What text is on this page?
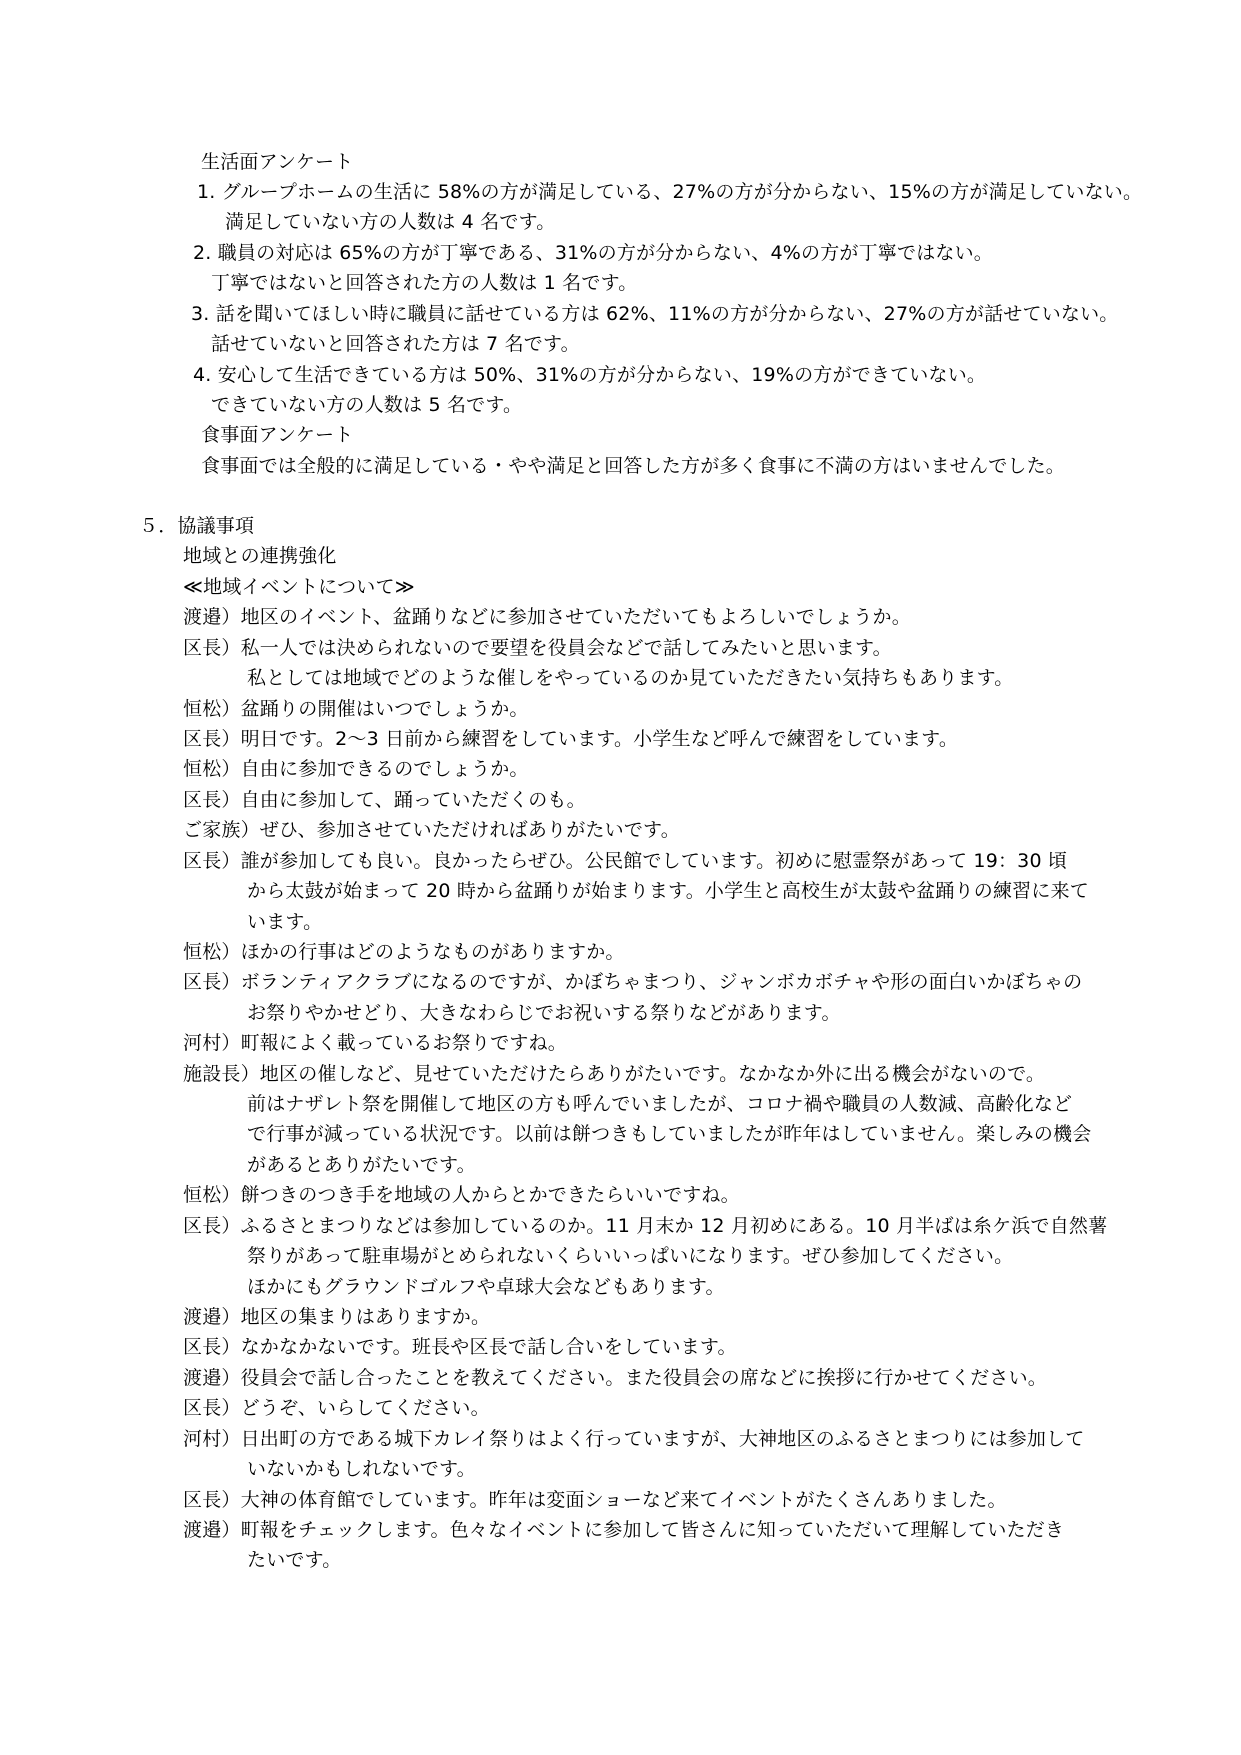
生活面アンケート
1. グループホームの生活に 58%の方が満足している、27%の方が分からない、15%の方が満足していない。
満足していない方の人数は 4 名です。
2. 職員の対応は 65%の方が丁寧である、31%の方が分からない、4%の方が丁寧ではない。
丁寧ではないと回答された方の人数は 1 名です。
3. 話を聞いてほしい時に職員に話せている方は 62%、11%の方が分からない、27%の方が話せていない。
話せていないと回答された方は 7 名です。
4. 安心して生活できている方は 50%、31%の方が分からない、19%の方ができていない。
できていない方の人数は 5 名です。
食事面アンケート
食事面では全般的に満足している・やや満足と回答した方が多く食事に不満の方はいませんでした。
５．協議事項
地域との連携強化
≪地域イベントについて≫
渡邉）地区のイベント、盆踊りなどに参加させていただいてもよろしいでしょうか。
区長）私一人では決められないので要望を役員会などで話してみたいと思います。
私としては地域でどのような催しをやっているのか見ていただきたい気持ちもあります。
恒松）盆踊りの開催はいつでしょうか。
区長）明日です。2～3 日前から練習をしています。小学生など呼んで練習をしています。
恒松）自由に参加できるのでしょうか。
区長）自由に参加して、踊っていただくのも。
ご家族）ぜひ、参加させていただければありがたいです。
区長）誰が参加しても良い。良かったらぜひ。公民館でしています。初めに慰霊祭があって 19：30 頃
から太鼓が始まって 20 時から盆踊りが始まります。小学生と高校生が太鼓や盆踊りの練習に来て
います。
恒松）ほかの行事はどのようなものがありますか。
区長）ボランティアクラブになるのですが、かぼちゃまつり、ジャンボカボチャや形の面白いかぼちゃの
お祭りやかせどり、大きなわらじでお祝いする祭りなどがあります。
河村）町報によく載っているお祭りですね。
施設長）地区の催しなど、見せていただけたらありがたいです。なかなか外に出る機会がないので。
前はナザレト祭を開催して地区の方も呼んでいましたが、コロナ禍や職員の人数減、高齢化など
で行事が減っている状況です。以前は餅つきもしていましたが昨年はしていません。楽しみの機会
があるとありがたいです。
恒松）餅つきのつき手を地域の人からとかできたらいいですね。
区長）ふるさとまつりなどは参加しているのか。11 月末か 12 月初めにある。10 月半ばは糸ケ浜で自然薯
祭りがあって駐車場がとめられないくらいいっぱいになります。ぜひ参加してください。
ほかにもグラウンドゴルフや卓球大会などもあります。
渡邉）地区の集まりはありますか。
区長）なかなかないです。班長や区長で話し合いをしています。
渡邉）役員会で話し合ったことを教えてください。また役員会の席などに挨拶に行かせてください。
区長）どうぞ、いらしてください。
河村）日出町の方である城下カレイ祭りはよく行っていますが、大神地区のふるさとまつりには参加して
いないかもしれないです。
区長）大神の体育館でしています。昨年は変面ショーなど来てイベントがたくさんありました。
渡邉）町報をチェックします。色々なイベントに参加して皆さんに知っていただいて理解していただき
たいです。
